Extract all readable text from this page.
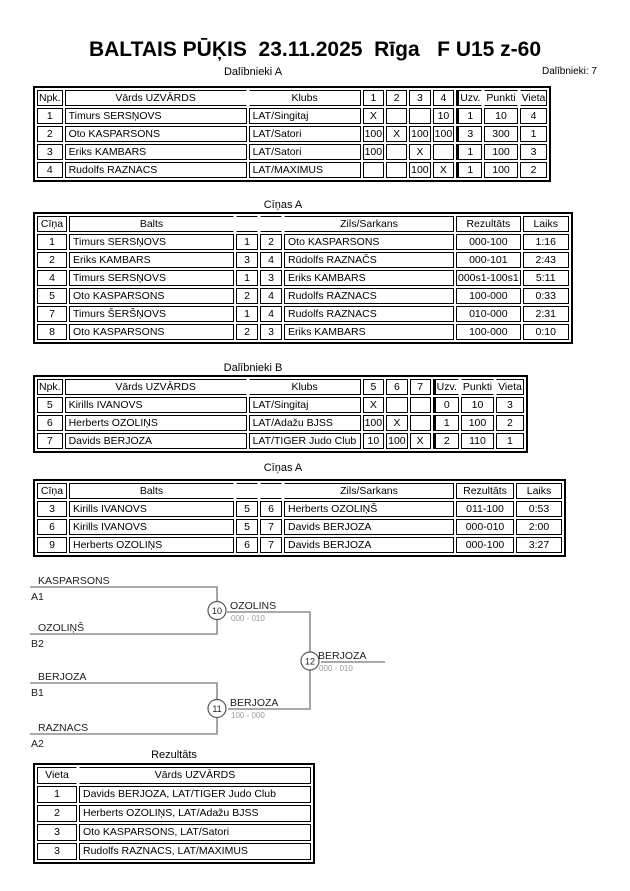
BALTAIS PŪĶIS  23.11.2025  Rīga   F U15 z-60
Dalībnieki A	Dalībnieki: 7
Npk.	Vārds UZVĀRDS	Klubs	1	2	3	4	Uzv.	Punkti	Vieta
1	Timurs SERSŅOVS	LAT/Singitaj	X			10	1	10	4
2	Oto KASPARSONS	LAT/Satori	100	X	100	100	3	300	1
3	Eriks KAMBARS	LAT/Satori	100		X		1	100	3
4	Rudolfs RAZNACS	LAT/MAXIMUS			100	X	1	100	2
Cīņas A
Cīņa	Balts			Zils/Sarkans	Rezultāts	Laiks
1	Timurs SERSŅOVS	1	2	Oto KASPARSONS	000-100	1:16
2	Eriks KAMBARS	3	4	Rūdolfs RAZNAČS	000-101	2:43
4	Timurs SERSŅOVS	1	3	Eriks KAMBARS	000s1-100s1	5:11
5	Oto KASPARSONS	2	4	Rudolfs RAZNACS	100-000	0:33
7	Timurs ŠERŠŅOVS	1	4	Rudolfs RAZNACS	010-000	2:31
8	Oto KASPARSONS	2	3	Eriks KAMBARS	100-000	0:10
Dalībnieki B
Npk.	Vārds UZVĀRDS	Klubs	5	6	7	Uzv.	Punkti	Vieta
5	Kirills IVANOVS	LAT/Singitaj	X			0	10	3
6	Herberts OZOLIŅS	LAT/Adažu BJSS	100	X		1	100	2
7	Davids BERJOZA	LAT/TIGER Judo Club	10	100	X	2	110	1
Cīņas A
Cīņa	Balts			Zils/Sarkans	Rezultāts	Laiks
3	Kirills IVANOVS	5	6	Herberts OZOLIŅŠ	011-100	0:53
6	Kirills IVANOVS	5	7	Davids BERJOZA	000-010	2:00
9	Herberts OZOLIŅS	6	7	Davids BERJOZA	000-100	3:27
KASPARSONS
A1
OZOLIŅŠ
B2
BERJOZA
B1
RAZNACS
A2
10 OZOLINS
000 - 010
11 BERJOZA
100 - 000
12 BERJOZA
000 - 010
Rezultāts
Vieta	Vārds UZVĀRDS
1	Davids BERJOZA, LAT/TIGER Judo Club
2	Herberts OZOLIŅS, LAT/Adažu BJSS
3	Oto KASPARSONS, LAT/Satori
3	Rudolfs RAZNACS, LAT/MAXIMUS
